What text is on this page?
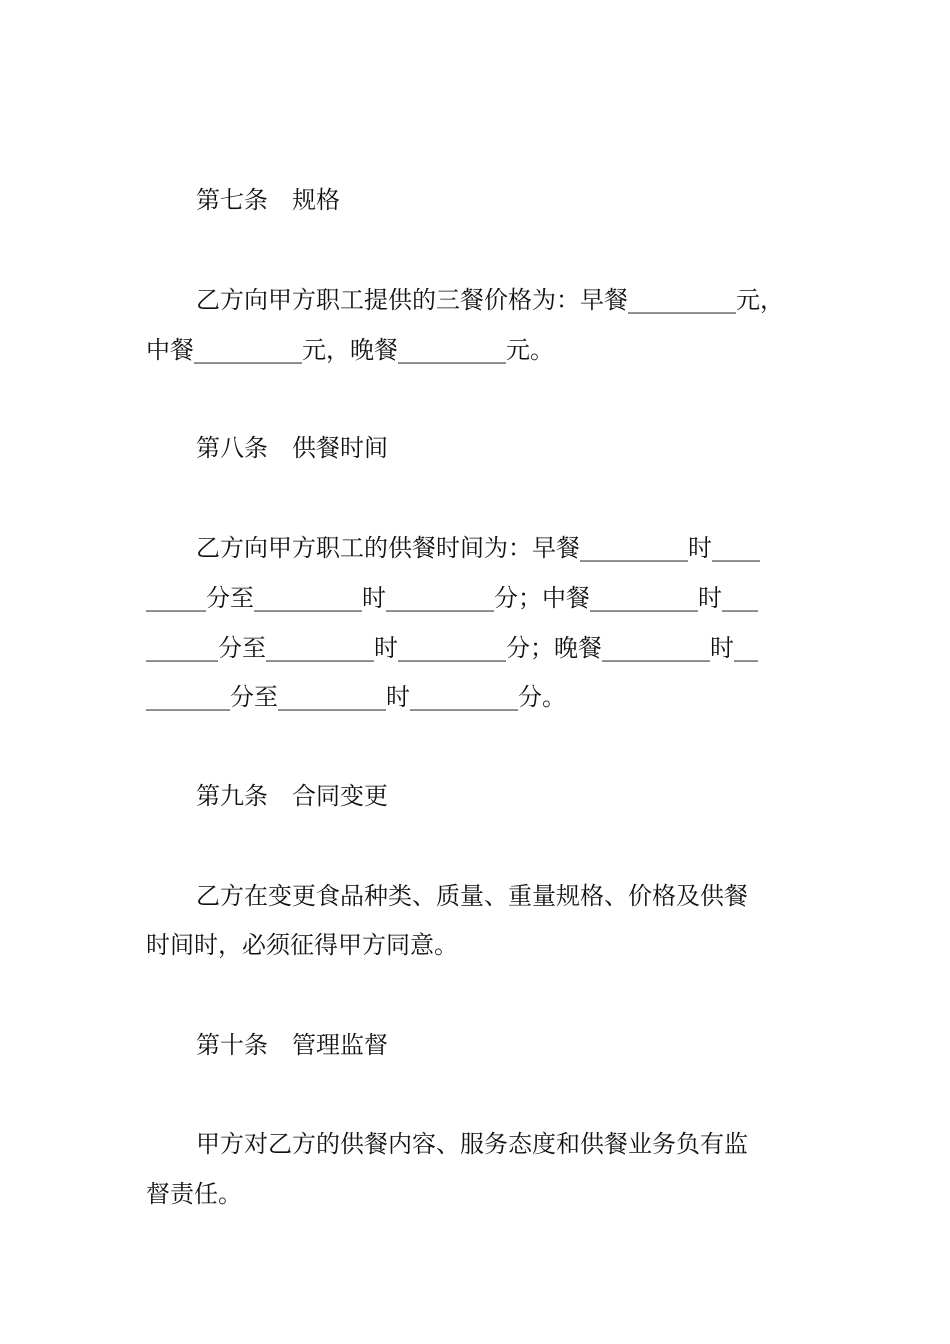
第七条　规格
乙方向甲方职工提供的三餐价格为：早餐_________元，
中餐_________元，晚餐_________元。
第八条　供餐时间
乙方向甲方职工的供餐时间为：早餐_________时____
_____分至_________时_________分；中餐_________时___
______分至_________时_________分；晚餐_________时__
_______分至_________时_________分。
第九条　合同变更
乙方在变更食品种类、质量、重量规格、价格及供餐
时间时，必须征得甲方同意。
第十条　管理监督
甲方对乙方的供餐内容、服务态度和供餐业务负有监
督责任。
